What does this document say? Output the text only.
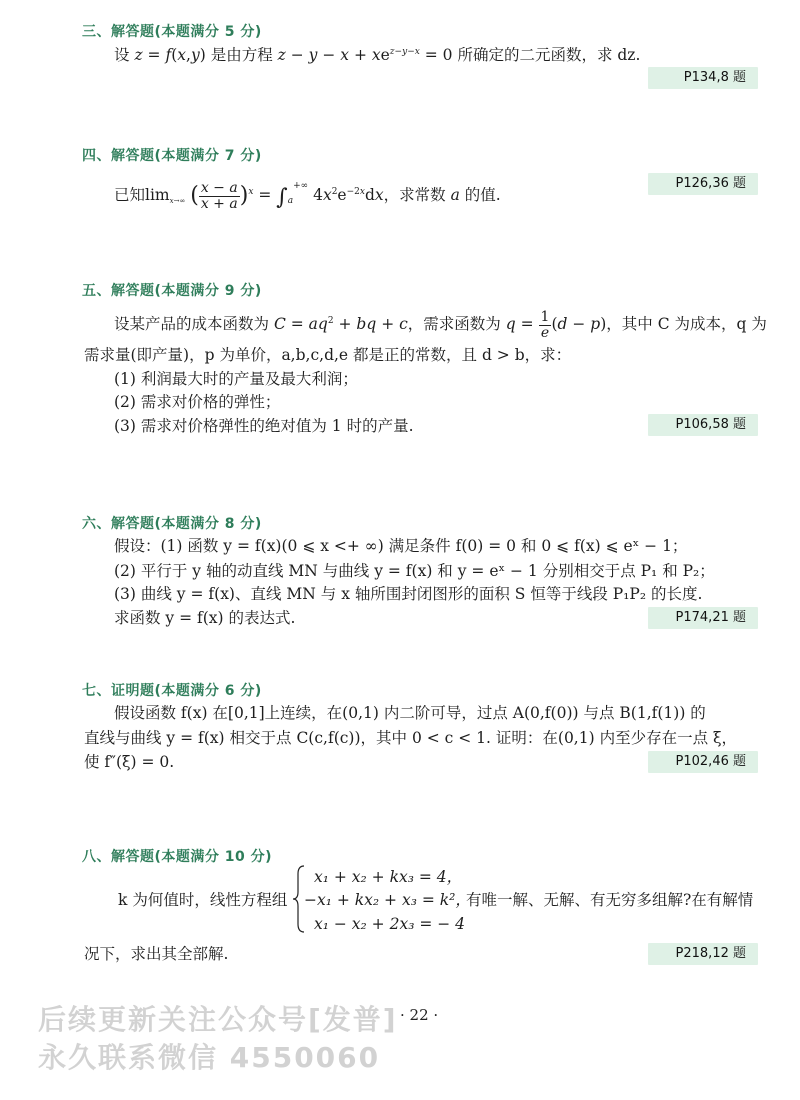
三、解答题(本题满分 5 分)
设 z = f(x,y) 是由方程 $z - y - x + xe^{z-y-x} = 0$ 所确定的二元函数，求 dz.
P134,8 题
四、解答题(本题满分 7 分)
已知$\lim_{x\to\infty}$ ( $\frac{x - a}{x + a} )^x = \int_a^{+\infty}$ $4x^2e^{-2x}dx$，求常数 a 的值.
P126,36 题
五、解答题(本题满分 9 分)
设某产品的成本函数为 $C = aq^2$ + bq + c，需求函数为 $q = \frac{1}{e} (d - p)$，其中 C 为成本，q 为
需求量(即产量)，p 为单价，a,b,c,d,e 都是正的常数，且 d > b，求：
(1) 利润最大时的产量及最大利润；
(2) 需求对价格的弹性；
(3) 需求对价格弹性的绝对值为 1 时的产量.	P106,58 题
六、解答题(本题满分 8 分)
假设：(1) 函数 y = f(x)(0 ⩽ x <+ ∞) 满足条件 f(0) = 0 和 0 ⩽ f(x) ⩽ eˣ − 1；
(2) 平行于 y 轴的动直线 MN 与曲线 y = f(x) 和 y = eˣ − 1 分别相交于点 P₁ 和 P₂；
(3) 曲线 y = f(x)、直线 MN 与 x 轴所围封闭图形的面积 S 恒等于线段 P₁P₂ 的长度.
求函数 y = f(x) 的表达式.	P174,21 题
七、证明题(本题满分 6 分)
假设函数 f(x) 在[0,1]上连续，在(0,1) 内二阶可导，过点 A(0,f(0)) 与点 B(1,f(1)) 的
直线与曲线 y = f(x) 相交于点 C(c,f(c))，其中 0 < c < 1. 证明：在(0,1) 内至少存在一点 ξ，
使 f″(ξ) = 0.	P102,46 题
八、解答题(本题满分 10 分)
k 为何值时，线性方程组
x₁ + x₂ + kx₃ = 4，
−x₁ + kx₂ + x₃ = k²，
x₁ − x₂ + 2x₃ = − 4
有唯一解、无解、有无穷多组解?在有解情
况下，求出其全部解.	P218,12 题
后续更新关注公众号[发普] · 22 ·
永久联系微信 4550060
